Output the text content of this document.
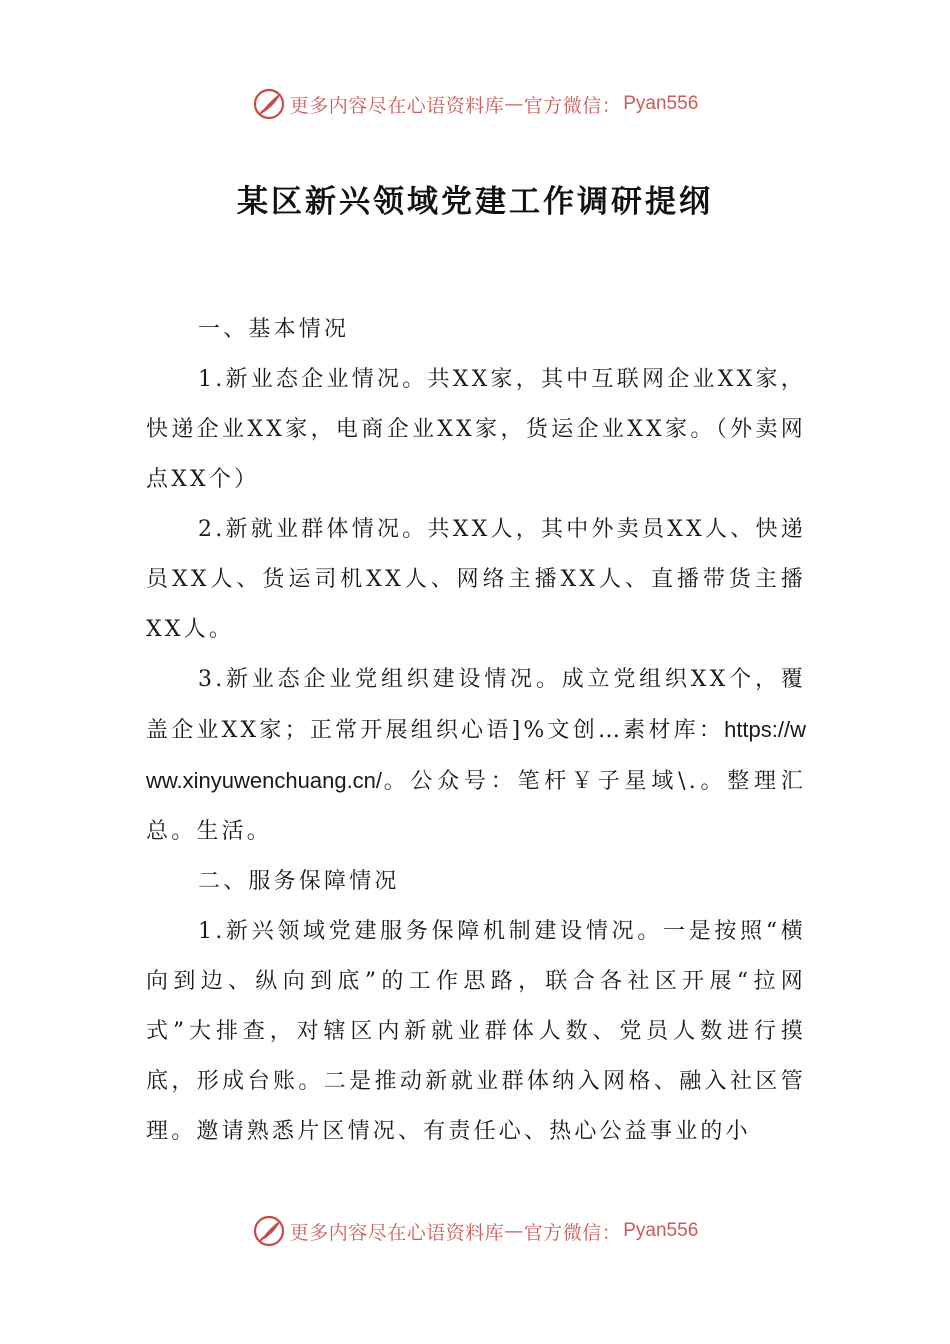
更多内容尽在心语资料库 — 官方微信： Pyan556
某区新兴领域党建工作调研提纲

一、基本情况

1.新业态企业情况。共XX家，其中互联网企业XX家，快递企业XX家，电商企业XX家，货运企业XX家。（外卖网点XX个）

2.新就业群体情况。共XX人，其中外卖员XX人、快递员XX人、货运司机XX人、网络主播XX人、直播带货主播XX人。

3.新业态企业党组织建设情况。成立党组织XX个，覆盖企业XX家；正常开展组织心语]%文创…素材库：https://www.xinyuwenchuang.cn/。公众号：笔杆￥子星域\.。整理汇总。生活。

二、服务保障情况

1.新兴领域党建服务保障机制建设情况。一是按照“横向到边、纵向到底”的工作思路，联合各社区开展“拉网式”大排查，对辖区内新就业群体人数、党员人数进行摸底，形成台账。二是推动新就业群体纳入网格、融入社区管理。邀请熟悉片区情况、有责任心、热心公益事业的小

更多内容尽在心语资料库 — 官方微信： Pyan556
